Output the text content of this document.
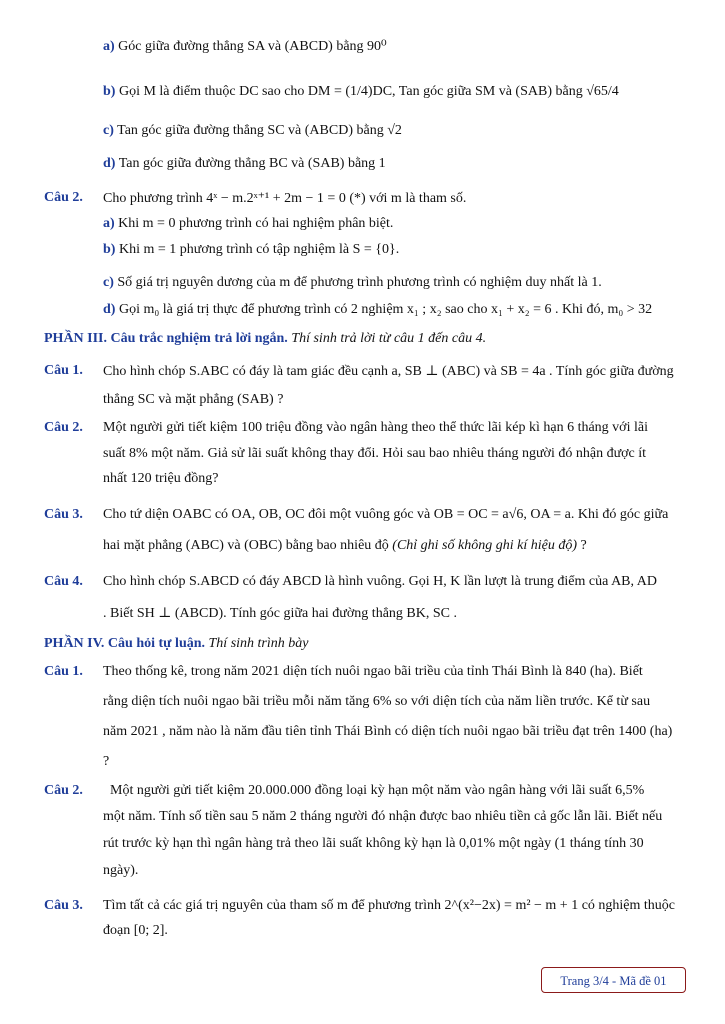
a) Góc giữa đường thẳng SA và (ABCD) bằng 90⁰
b) Gọi M là điểm thuộc DC sao cho DM = (1/4)DC, Tan góc giữa SM và (SAB) bằng √65/4
c) Tan góc giữa đường thẳng SC và (ABCD) bằng √2
d) Tan góc giữa đường thẳng BC và (SAB) bằng 1
Câu 2. Cho phương trình 4ˣ − m.2ˣ⁺¹ + 2m − 1 = 0 (*) với m là tham số.
a) Khi m = 0 phương trình có hai nghiệm phân biệt.
b) Khi m = 1 phương trình có tập nghiệm là S = {0}.
c) Số giá trị nguyên dương của m để phương trình phương trình có nghiệm duy nhất là 1.
d) Gọi m₀ là giá trị thực để phương trình có 2 nghiệm x₁ ; x₂ sao cho x₁ + x₂ = 6 . Khi đó, m₀ > 32
PHẦN III. Câu trắc nghiệm trả lời ngắn. Thí sinh trả lời từ câu 1 đến câu 4.
Câu 1. Cho hình chóp S.ABC có đáy là tam giác đều cạnh a, SB ⊥ (ABC) và SB = 4a . Tính góc giữa đường
thẳng SC và mặt phẳng (SAB) ?
Câu 2. Một người gửi tiết kiệm 100 triệu đồng vào ngân hàng theo thể thức lãi kép kì hạn 6 tháng với lãi
suất 8% một năm. Giả sử lãi suất không thay đổi. Hỏi sau bao nhiêu tháng người đó nhận được ít
nhất 120 triệu đồng?
Câu 3. Cho tứ diện OABC có OA, OB, OC đôi một vuông góc và OB = OC = a√6, OA = a. Khi đó góc giữa
hai mặt phẳng (ABC) và (OBC) bằng bao nhiêu độ (Chỉ ghi số không ghi kí hiệu độ) ?
Câu 4. Cho hình chóp S.ABCD có đáy ABCD là hình vuông. Gọi H, K lần lượt là trung điểm của AB, AD
. Biết SH ⊥ (ABCD). Tính góc giữa hai đường thẳng BK, SC .
PHẦN IV. Câu hỏi tự luận. Thí sinh trình bày
Câu 1. Theo thống kê, trong năm 2021 diện tích nuôi ngao bãi triều của tỉnh Thái Bình là 840 (ha). Biết
rằng diện tích nuôi ngao bãi triều mỗi năm tăng 6% so với diện tích của năm liền trước. Kể từ sau
năm 2021 , năm nào là năm đầu tiên tỉnh Thái Bình có diện tích nuôi ngao bãi triều đạt trên 1400 (ha)
?
Câu 2. Một người gửi tiết kiệm 20.000.000 đồng loại kỳ hạn một năm vào ngân hàng với lãi suất 6,5%
một năm. Tính số tiền sau 5 năm 2 tháng người đó nhận được bao nhiêu tiền cả gốc lẫn lãi. Biết nếu
rút trước kỳ hạn thì ngân hàng trả theo lãi suất không kỳ hạn là 0,01% một ngày (1 tháng tính 30
ngày).
Câu 3. Tìm tất cả các giá trị nguyên của tham số m để phương trình 2^(x²−2x) = m² − m + 1 có nghiệm thuộc
đoạn [0; 2].
Trang 3/4 - Mã đề 01
